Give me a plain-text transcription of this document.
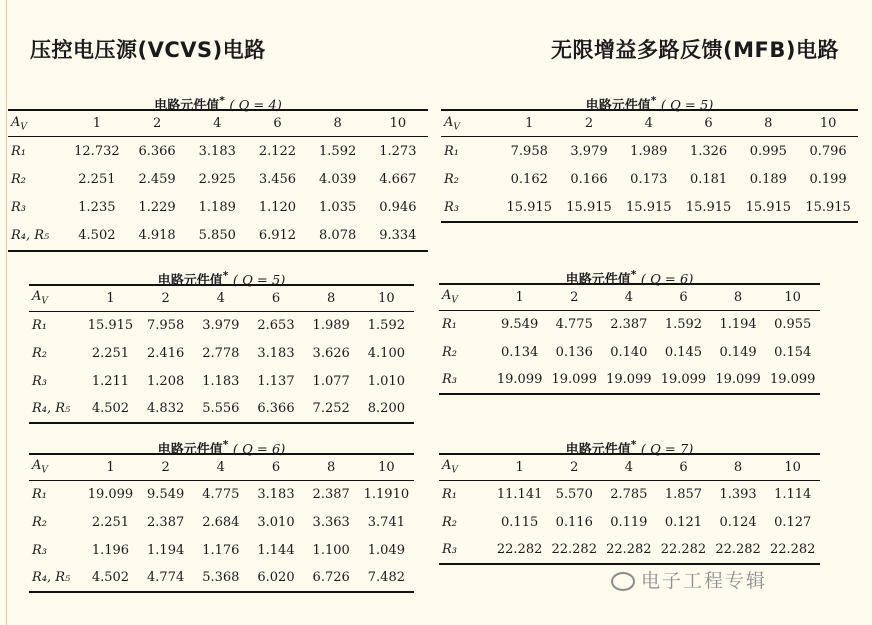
压控电压源(VCVS)电路	无限增益多路反馈(MFB)电路
电路元件值* ( Q = 4)
$A_V$	1	2	4	6	8	10
R₁	12.732	6.366	3.183	2.122	1.592	1.273
R₂	2.251	2.459	2.925	3.456	4.039	4.667
R₃	1.235	1.229	1.189	1.120	1.035	0.946
R₄, R₅	4.502	4.918	5.850	6.912	8.078	9.334
电路元件值* ( Q = 5)
$A_V$	1	2	4	6	8	10
R₁	15.915	7.958	3.979	2.653	1.989	1.592
R₂	2.251	2.416	2.778	3.183	3.626	4.100
R₃	1.211	1.208	1.183	1.137	1.077	1.010
R₄, R₅	4.502	4.832	5.556	6.366	7.252	8.200
电路元件值* ( Q = 6)
$A_V$	1	2	4	6	8	10
R₁	19.099	9.549	4.775	3.183	2.387	1.1910
R₂	2.251	2.387	2.684	3.010	3.363	3.741
R₃	1.196	1.194	1.176	1.144	1.100	1.049
R₄, R₅	4.502	4.774	5.368	6.020	6.726	7.482
电路元件值* ( Q = 5)
$A_V$	1	2	4	6	8	10
R₁	7.958	3.979	1.989	1.326	0.995	0.796
R₂	0.162	0.166	0.173	0.181	0.189	0.199
R₃	15.915	15.915	15.915	15.915	15.915	15.915
电路元件值* ( Q = 6)
$A_V$	1	2	4	6	8	10
R₁	9.549	4.775	2.387	1.592	1.194	0.955
R₂	0.134	0.136	0.140	0.145	0.149	0.154
R₃	19.099	19.099	19.099	19.099	19.099	19.099
电路元件值* ( Q = 7)
$A_V$	1	2	4	6	8	10
R₁	11.141	5.570	2.785	1.857	1.393	1.114
R₂	0.115	0.116	0.119	0.121	0.124	0.127
R₃	22.282	22.282	22.282	22.282	22.282	22.282
电子工程专辑
